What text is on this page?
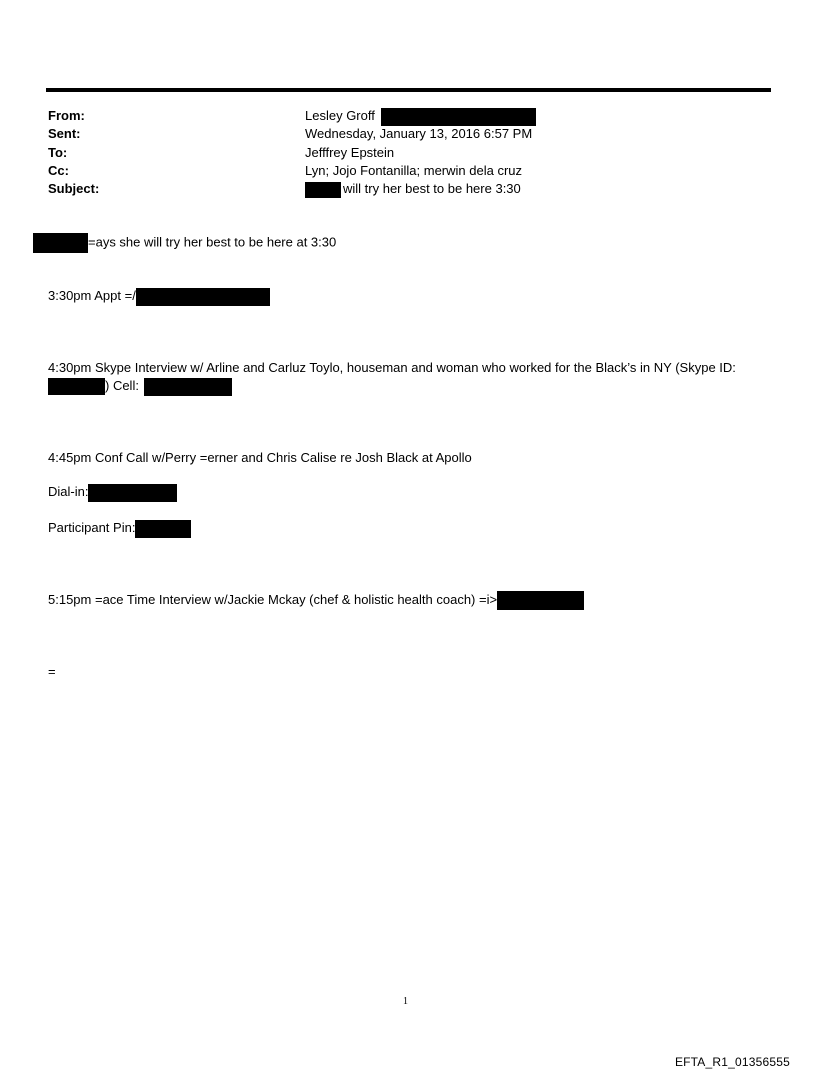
From:	Lesley Groff
Sent:	Wednesday, January 13, 2016 6:57 PM
To:	Jefffrey Epstein
Cc:	Lyn; Jojo Fontanilla; merwin dela cruz
Subject:	will try her best to be here 3:30
=ays she will try her best to be here at 3:30
3:30pm Appt =/
4:30pm Skype Interview w/ Arline and Carluz Toylo, houseman and woman who worked for the Black’s in NY (Skype ID:
) Cell:
4:45pm Conf Call w/Perry =erner and Chris Calise re Josh Black at Apollo
Dial-in:
Participant Pin:
5:15pm =ace Time Interview w/Jackie Mckay (chef & holistic health coach) =i>
=
1
EFTA_R1_01356555
